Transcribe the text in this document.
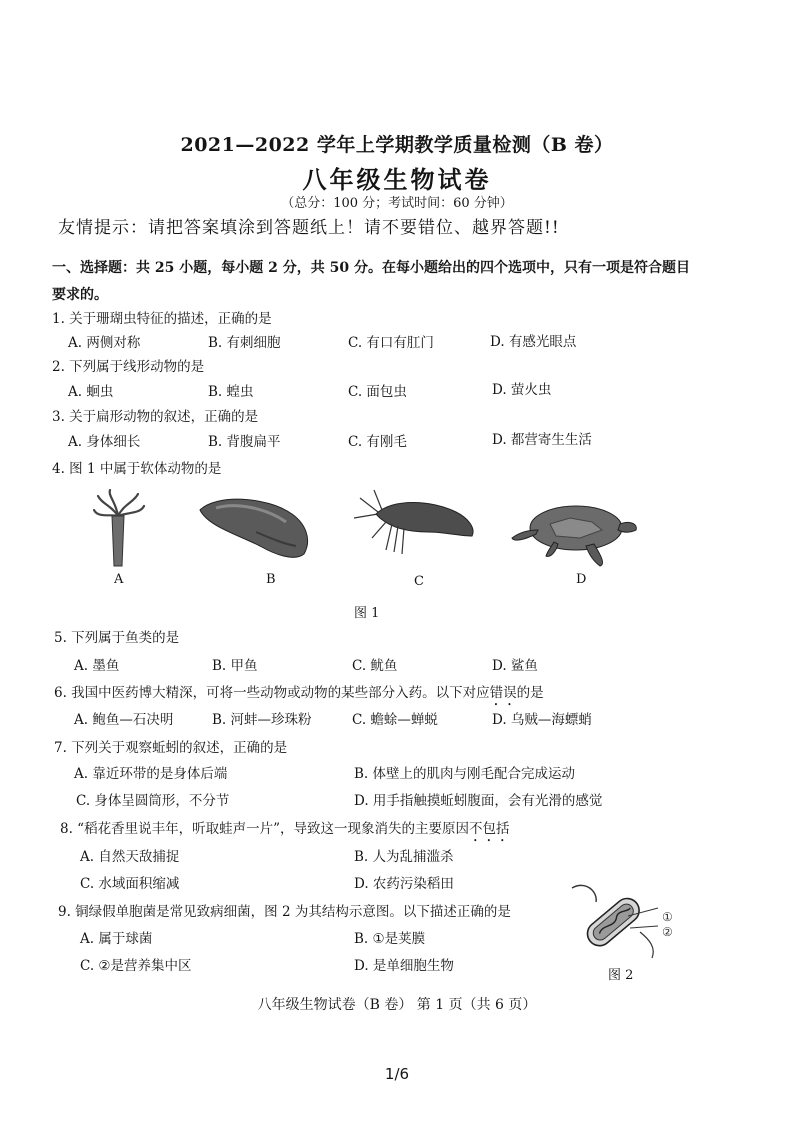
2021—2022 学年上学期教学质量检测（B 卷）
八年级生物试卷
（总分：100 分；考试时间：60 分钟）
友情提示：请把答案填涂到答题纸上！请不要错位、越界答题!!
一、选择题：共 25 小题，每小题 2 分，共 50 分。在每小题给出的四个选项中，只有一项是符合题目要求的。
1. 关于珊瑚虫特征的描述，正确的是
A. 两侧对称	B. 有刺细胞	C. 有口有肛门	D. 有感光眼点
2. 下列属于线形动物的是
A. 蛔虫	B. 蝗虫	C. 面包虫	D. 萤火虫
3. 关于扁形动物的叙述，正确的是
A. 身体细长	B. 背腹扁平	C. 有刚毛	D. 都营寄生生活
4. 图 1 中属于软体动物的是
A	B	C	D
图 1
5. 下列属于鱼类的是
A. 墨鱼	B. 甲鱼	C. 鱿鱼	D. 鲨鱼
6. 我国中医药博大精深，可将一些动物或动物的某些部分入药。以下对应错误的是
A. 鲍鱼—石决明	B. 河蚌—珍珠粉	C. 蟾蜍—蝉蜕	D. 乌贼—海螵蛸
7. 下列关于观察蚯蚓的叙述，正确的是
A. 靠近环带的是身体后端	B. 体壁上的肌肉与刚毛配合完成运动
C. 身体呈圆筒形，不分节	D. 用手指触摸蚯蚓腹面，会有光滑的感觉
8. “稻花香里说丰年，听取蛙声一片”，导致这一现象消失的主要原因不包括
A. 自然天敌捕捉	B. 人为乱捕滥杀
C. 水域面积缩减	D. 农药污染稻田
9. 铜绿假单胞菌是常见致病细菌，图 2 为其结构示意图。以下描述正确的是
A. 属于球菌	B. ①是荚膜
C. ②是营养集中区	D. 是单细胞生物
①
②
图 2
八年级生物试卷（B 卷） 第 1 页（共 6 页）
1/6
